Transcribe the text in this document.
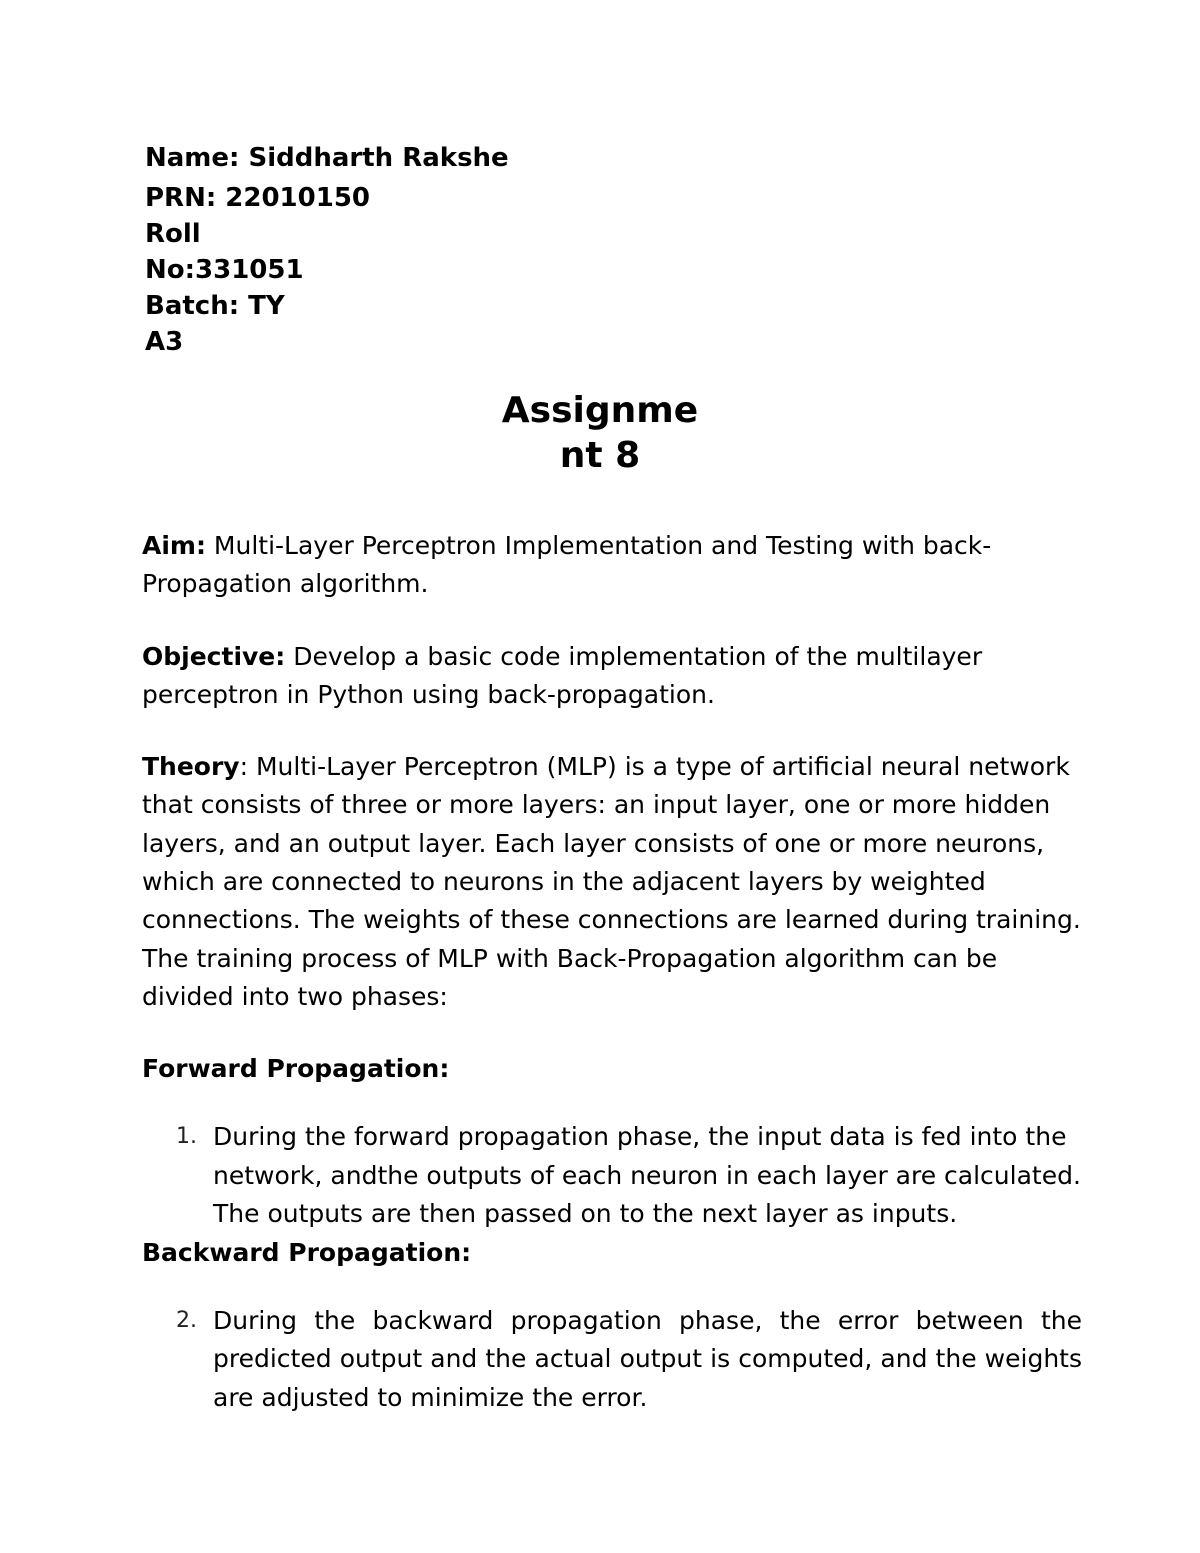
Name: Siddharth Rakshe

PRN: 22010150

Roll

No:331051

Batch: TY

A3

Assignme
nt 8

Aim: Multi-Layer Perceptron Implementation and Testing with back-Propagation algorithm.

Objective: Develop a basic code implementation of the multilayer perceptron in Python using back-propagation.

Theory: Multi-Layer Perceptron (MLP) is a type of artificial neural network that consists of three or more layers: an input layer, one or more hidden layers, and an output layer. Each layer consists of one or more neurons, which are connected to neurons in the adjacent layers by weighted connections. The weights of these connections are learned during training.

The training process of MLP with Back-Propagation algorithm can be divided into two phases:

Forward Propagation:

1. During the forward propagation phase, the input data is fed into the network, andthe outputs of each neuron in each layer are calculated. The outputs are then passed on to the next layer as inputs.

Backward Propagation:

2. During the backward propagation phase, the error between the predicted output and the actual output is computed, and the weights are adjusted to minimize the error.
